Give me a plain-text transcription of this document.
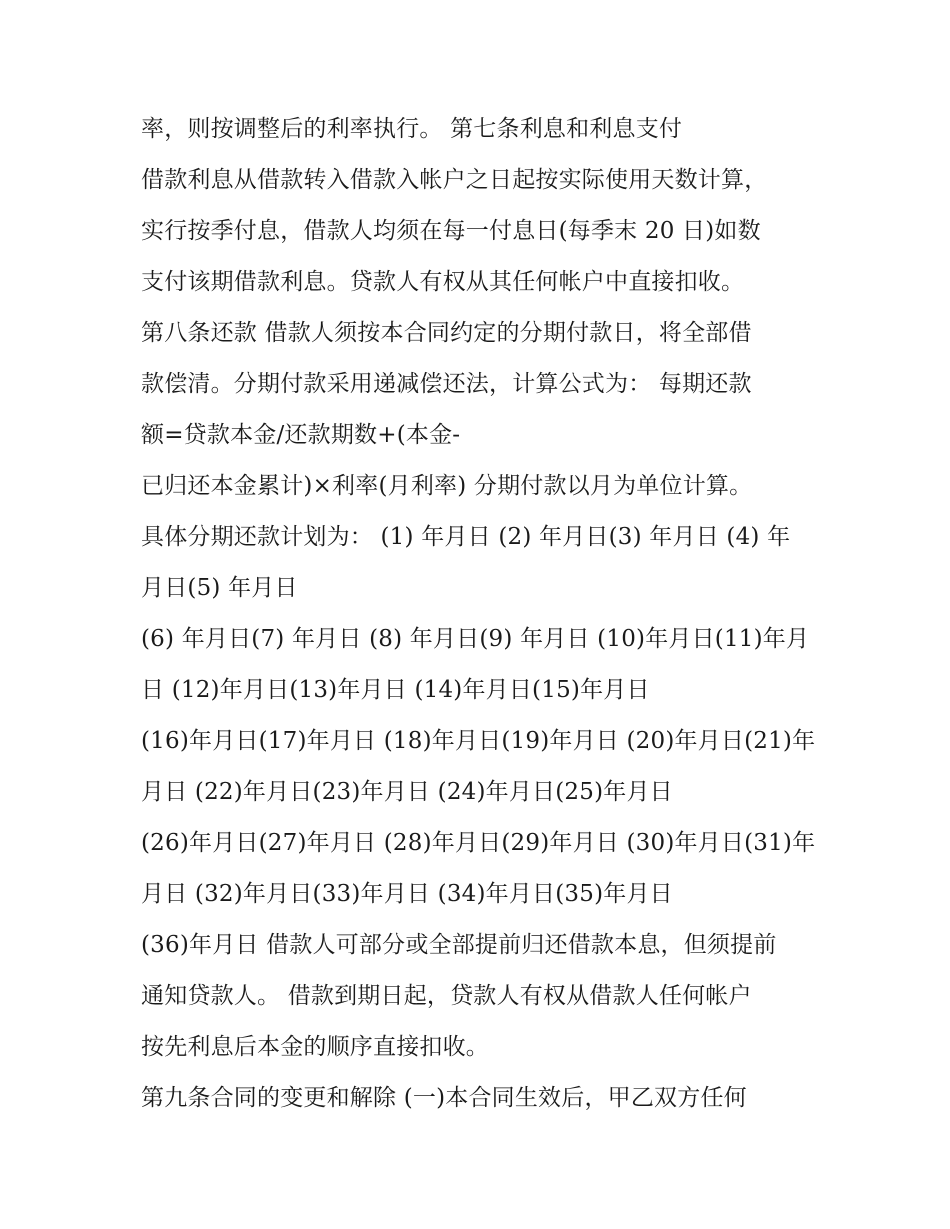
率，则按调整后的利率执行。 第七条利息和利息支付
借款利息从借款转入借款入帐户之日起按实际使用天数计算，
实行按季付息，借款人均须在每一付息日(每季末 20 日)如数
支付该期借款利息。贷款人有权从其任何帐户中直接扣收。
第八条还款 借款人须按本合同约定的分期付款日，将全部借
款偿清。分期付款采用递减偿还法，计算公式为： 每期还款
额=贷款本金/还款期数+(本金-
已归还本金累计)×利率(月利率) 分期付款以月为单位计算。
具体分期还款计划为： (1) 年月日 (2) 年月日(3) 年月日 (4) 年
月日(5) 年月日
(6) 年月日(7) 年月日 (8) 年月日(9) 年月日 (10)年月日(11)年月
日 (12)年月日(13)年月日 (14)年月日(15)年月日
(16)年月日(17)年月日 (18)年月日(19)年月日 (20)年月日(21)年
月日 (22)年月日(23)年月日 (24)年月日(25)年月日
(26)年月日(27)年月日 (28)年月日(29)年月日 (30)年月日(31)年
月日 (32)年月日(33)年月日 (34)年月日(35)年月日
(36)年月日 借款人可部分或全部提前归还借款本息，但须提前
通知贷款人。 借款到期日起，贷款人有权从借款人任何帐户
按先利息后本金的顺序直接扣收。
第九条合同的变更和解除 (一)本合同生效后，甲乙双方任何
